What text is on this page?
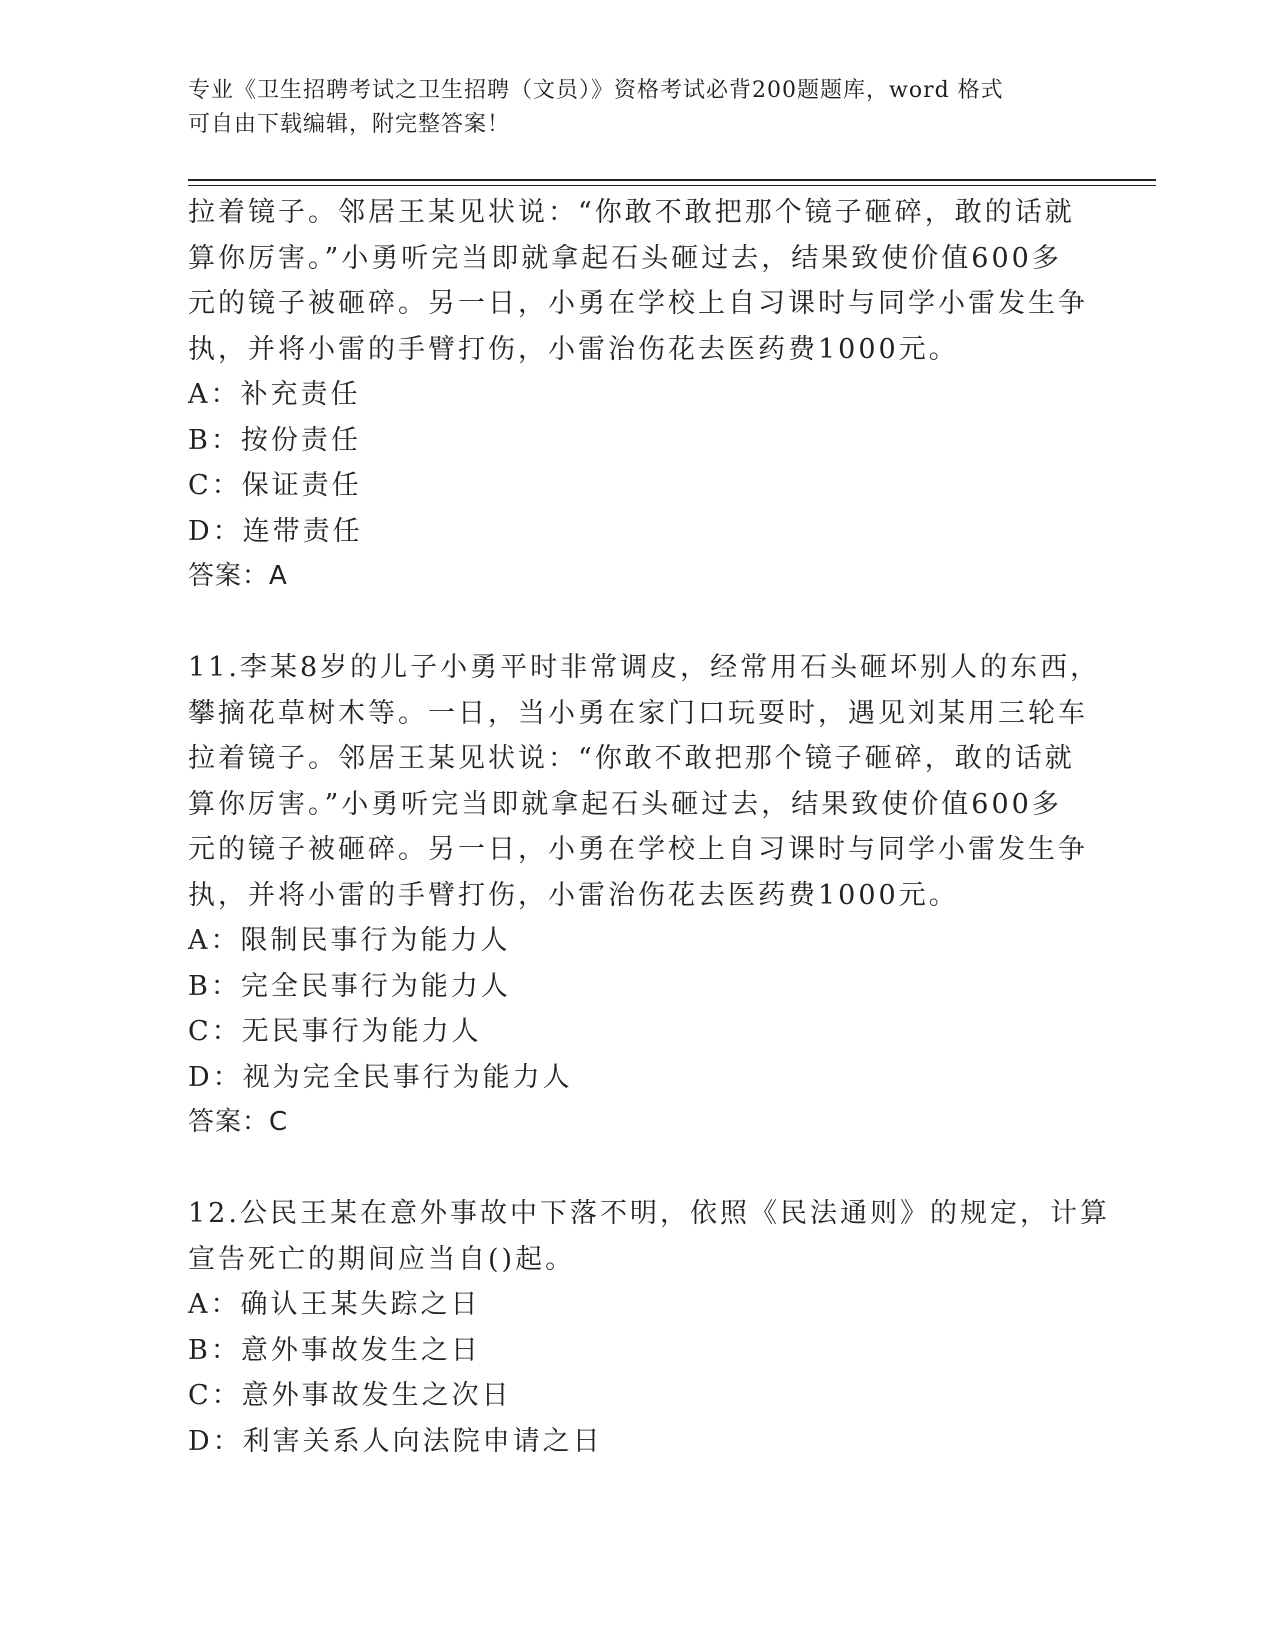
专业《卫生招聘考试之卫生招聘（文员）》资格考试必背200题题库，word 格式
可自由下载编辑，附完整答案！
拉着镜子。邻居王某见状说：“你敢不敢把那个镜子砸碎，敢的话就
算你厉害。”小勇听完当即就拿起石头砸过去，结果致使价值600多
元的镜子被砸碎。另一日，小勇在学校上自习课时与同学小雷发生争
执，并将小雷的手臂打伤，小雷治伤花去医药费1000元。
A：补充责任
B：按份责任
C：保证责任
D：连带责任
答案：A
11.李某8岁的儿子小勇平时非常调皮，经常用石头砸坏别人的东西，
攀摘花草树木等。一日，当小勇在家门口玩耍时，遇见刘某用三轮车
拉着镜子。邻居王某见状说：“你敢不敢把那个镜子砸碎，敢的话就
算你厉害。”小勇听完当即就拿起石头砸过去，结果致使价值600多
元的镜子被砸碎。另一日，小勇在学校上自习课时与同学小雷发生争
执，并将小雷的手臂打伤，小雷治伤花去医药费1000元。
A：限制民事行为能力人
B：完全民事行为能力人
C：无民事行为能力人
D：视为完全民事行为能力人
答案：C
12.公民王某在意外事故中下落不明，依照《民法通则》的规定，计算
宣告死亡的期间应当自()起。
A：确认王某失踪之日
B：意外事故发生之日
C：意外事故发生之次日
D：利害关系人向法院申请之日
